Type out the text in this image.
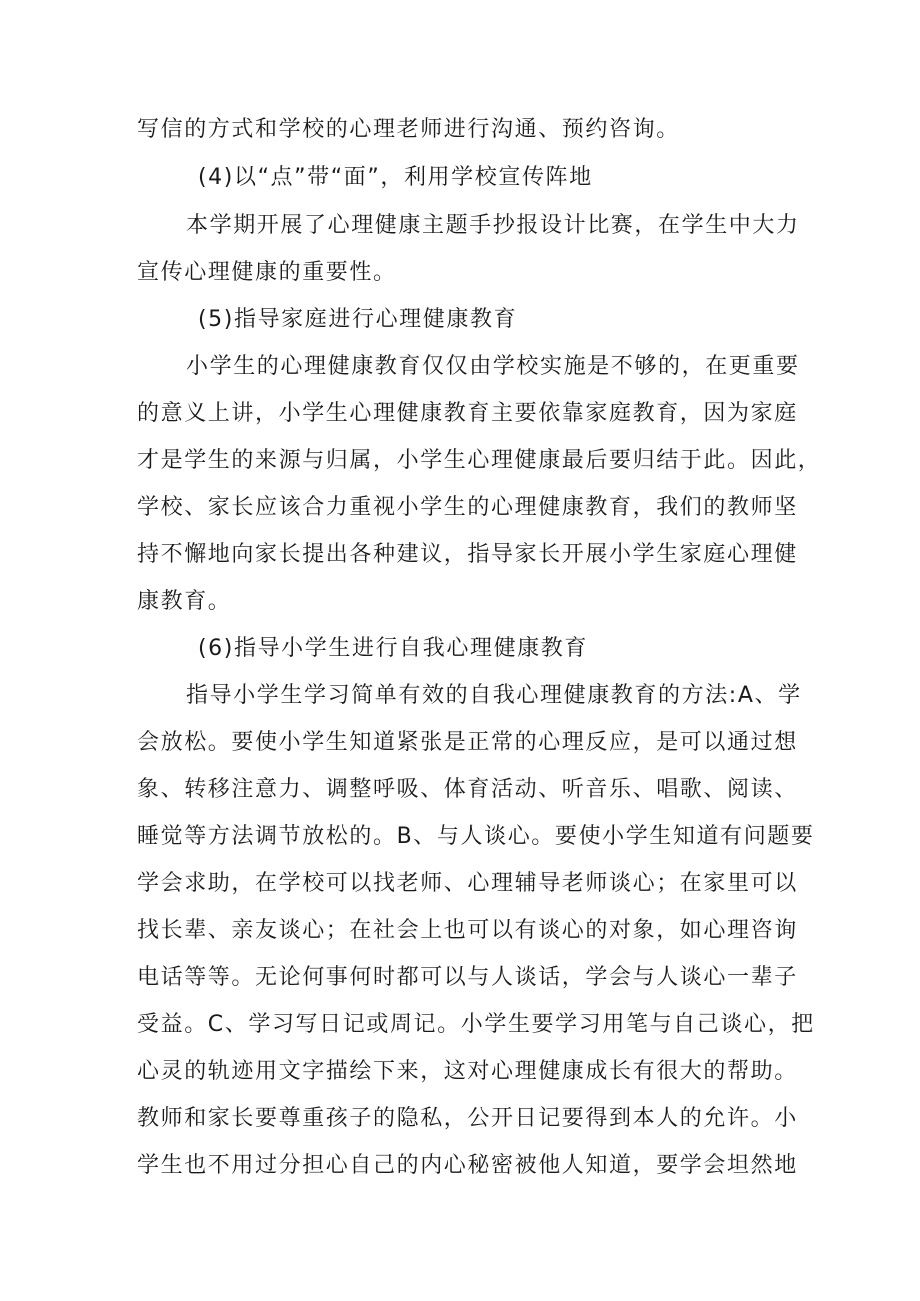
写信的方式和学校的心理老师进行沟通、预约咨询。
(4)以“点”带“面”，利用学校宣传阵地
本学期开展了心理健康主题手抄报设计比赛，在学生中大力
宣传心理健康的重要性。
(5)指导家庭进行心理健康教育
小学生的心理健康教育仅仅由学校实施是不够的，在更重要
的意义上讲，小学生心理健康教育主要依靠家庭教育，因为家庭
才是学生的来源与归属，小学生心理健康最后要归结于此。因此，
学校、家长应该合力重视小学生的心理健康教育，我们的教师坚
持不懈地向家长提出各种建议，指导家长开展小学生家庭心理健
康教育。
(6)指导小学生进行自我心理健康教育
指导小学生学习简单有效的自我心理健康教育的方法:A、学
会放松。要使小学生知道紧张是正常的心理反应，是可以通过想
象、转移注意力、调整呼吸、体育活动、听音乐、唱歌、阅读、
睡觉等方法调节放松的。B、与人谈心。要使小学生知道有问题要
学会求助，在学校可以找老师、心理辅导老师谈心；在家里可以
找长辈、亲友谈心；在社会上也可以有谈心的对象，如心理咨询
电话等等。无论何事何时都可以与人谈话，学会与人谈心一辈子
受益。C、学习写日记或周记。小学生要学习用笔与自己谈心，把
心灵的轨迹用文字描绘下来，这对心理健康成长有很大的帮助。
教师和家长要尊重孩子的隐私，公开日记要得到本人的允许。小
学生也不用过分担心自己的内心秘密被他人知道，要学会坦然地
